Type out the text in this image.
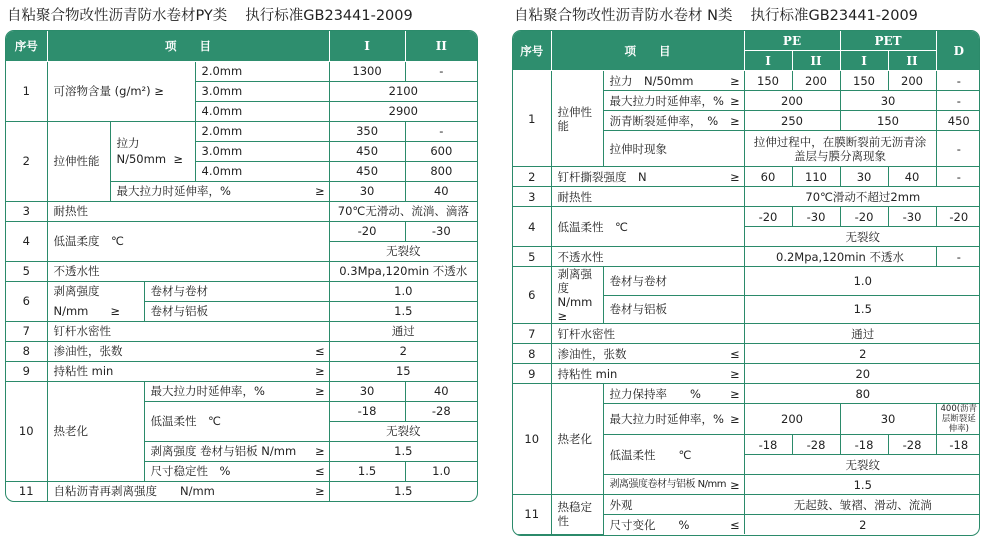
自粘聚合物改性沥青防水卷材PY类 执行标准GB23441-2009
序号	项　　目					I	II
1	可溶物含量 (g/m²) ≥			2.0mm		1300	-
				3.0mm		2100	
				4.0mm		2900	
2	拉伸性能	拉力
N/50mm ≥		2.0mm		350	-
				3.0mm		450	600
				4.0mm		450	800
		最大拉力时延伸率，%			≥	30	40
3	耐热性					70℃无滑动、流淌、滴落	
4	低温柔度　℃					-20	-30
						无裂纹	
5	不透水性					0.3Mpa,120min 不透水	
6	剥离强度		卷材与卷材			1.0	
	N/mm ≥		卷材与铝板			1.5	
7	钉杆水密性					通过	
8	渗油性，张数				≤	2	
9	持粘性 min				≥	15	
10	热老化		最大拉力时延伸率，%		≥	30	40
			低温柔性　℃			-18	-28
						无裂纹	
			剥离强度 卷材与铝板 N/mm		≥	1.5	
			尺寸稳定性　%		≤	1.5	1.0
11	自粘沥青再剥离强度　　N/mm				≥	1.5	
自粘聚合物改性沥青防水卷材 N类 执行标准GB23441-2009
序号	项　　目			PE		PET		D
				I	II	I	II	
1	拉伸性能	拉力　N/50mm	≥	150	200	150	200	-
		最大拉力时延伸率，%	≥	200		30		-
		沥青断裂延伸率，　%	≥	250		150		450
		拉伸时现象		拉伸过程中，在膜断裂前无沥青涂盖层与膜分离现象				-
2	钉杆撕裂强度　N		≥	60	110	30	40	-
3	耐热性			70℃滑动不超过2mm				
4	低温柔性　℃			-20	-30	-20	-30	-20
				无裂纹				
5	不透水性			0.2Mpa,120min 不透水				-
6	剥离强度
N/mm ≥	卷材与卷材		1.0				
		卷材与铝板		1.5				
7	钉杆水密性			通过				
8	渗油性，张数		≤	2				
9	持粘性 min		≥	20				
10	热老化	拉力保持率　　%	≥	80				
		最大拉力时延伸率，%	≥	200		30		400(沥青层断裂延伸率)
		低温柔性　　℃		-18	-28	-18	-28	-18
				无裂纹				
		剥离强度卷材与铝板 N/mm	≥	1.5				
11	热稳定性	外观		无起鼓、皱褶、滑动、流淌				
		尺寸变化　　%	≤	2				
